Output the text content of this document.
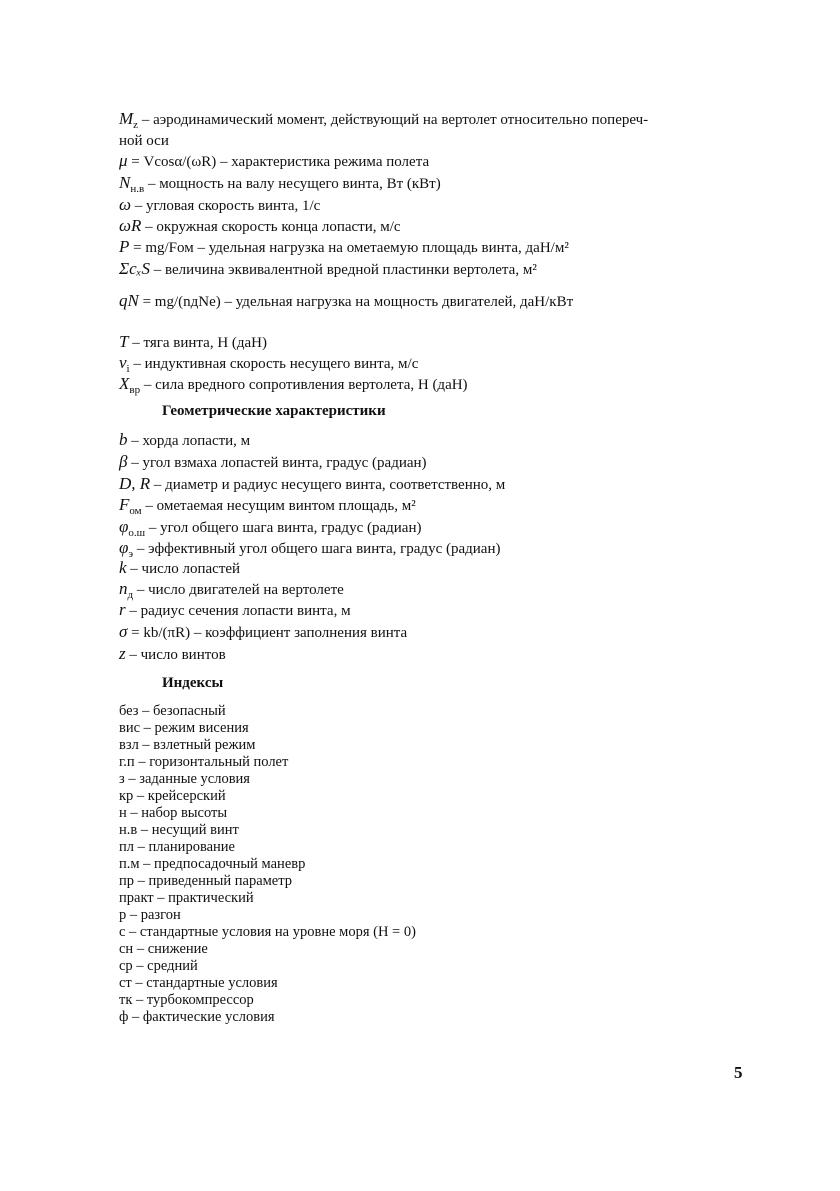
$M_z$ – аэродинамический момент, действующий на вертолет относительно попереч-
ной оси
μ = Vcosα/(ωR) – характеристика режима полета
$N_{н.в}$ – мощность на валу несущего винта, Вт (кВт)
ω – угловая скорость винта, 1/с
ωR – окружная скорость конца лопасти, м/с
P = mg/Fом – удельная нагрузка на ометаемую площадь винта, даН/м²
ΣcₓS – величина эквивалентной вредной пластинки вертолета, м²
qN = mg/(nдNe) – удельная нагрузка на мощность двигателей, даН/кВт
T – тяга винта, Н (даН)
$v_i$ – индуктивная скорость несущего винта, м/с
$X_{вр}$ – сила вредного сопротивления вертолета, Н (даН)
Геометрические характеристики
b – хорда лопасти, м
β – угол взмаха лопастей винта, градус (радиан)
D, R – диаметр и радиус несущего винта, соответственно, м
$F_{ом}$ – ометаемая несущим винтом площадь, м²
$\varphi_{о.ш}$ – угол общего шага винта, градус (радиан)
$\varphi_э$ – эффективный угол общего шага винта, градус (радиан)
k – число лопастей
$n_д$ – число двигателей на вертолете
r – радиус сечения лопасти винта, м
σ = kb/(πR) – коэффициент заполнения винта
z – число винтов
Индексы
без – безопасный
вис – режим висения
взл – взлетный режим
г.п – горизонтальный полет
з – заданные условия
кр – крейсерский
н – набор высоты
н.в – несущий винт
пл – планирование
п.м – предпосадочный маневр
пр – приведенный параметр
практ – практический
р – разгон
с – стандартные условия на уровне моря (H = 0)
сн – снижение
ср – средний
ст – стандартные условия
тк – турбокомпрессор
ф – фактические условия
5
